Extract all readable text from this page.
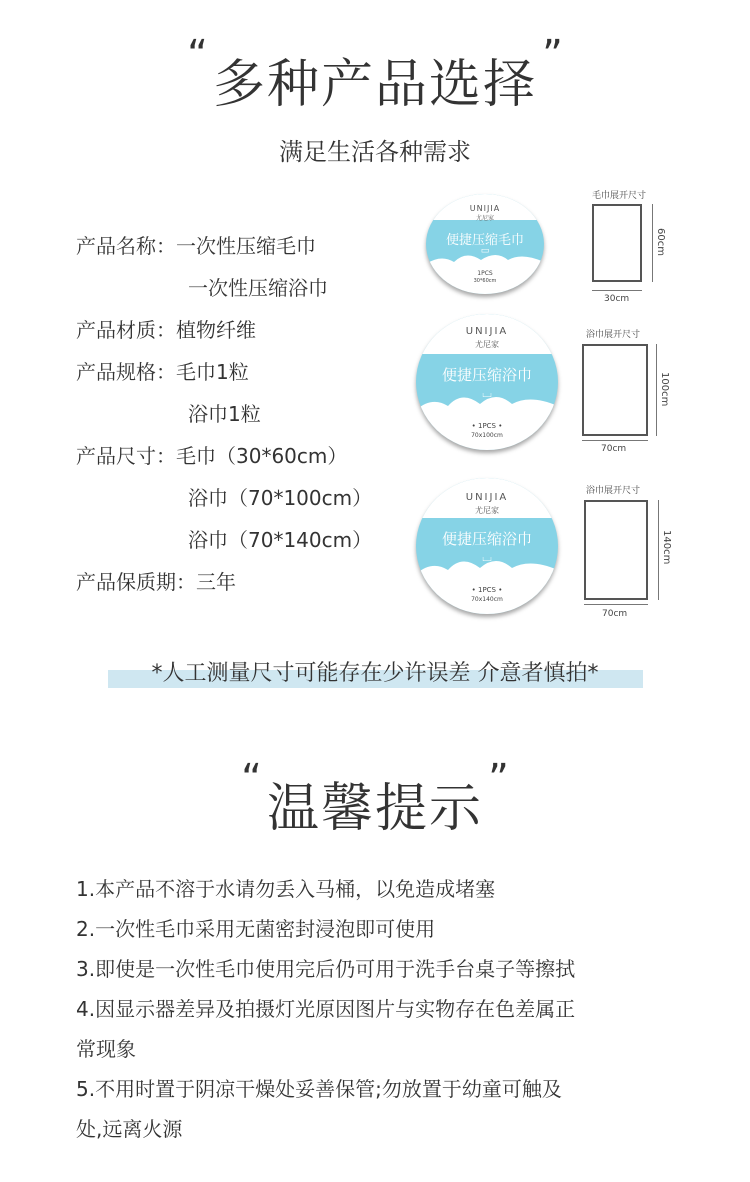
“ 多种产品选择 ”
满足生活各种需求
产品名称：一次性压缩毛巾
一次性压缩浴巾
产品材质：植物纤维
产品规格：毛巾1粒
浴巾1粒
产品尺寸：毛巾（30*60cm）
浴巾（70*100cm）
浴巾（70*140cm）
产品保质期：三年
UNIJIA
尤尼家
便捷压缩毛巾
▭
1PCS
30*60cm
UNIJIA
尤尼家
便捷压缩浴巾
⌴
• 1PCS •
70x100cm
UNIJIA
尤尼家
便捷压缩浴巾
⌴
• 1PCS •
70x140cm
毛巾展开尺寸
60cm
30cm
浴巾展开尺寸
100cm
70cm
浴巾展开尺寸
140cm
70cm
*人工测量尺寸可能存在少许误差 介意者慎拍*
“ 温馨提示 ”
1.本产品不溶于水请勿丢入马桶，以免造成堵塞
2.一次性毛巾采用无菌密封浸泡即可使用
3.即使是一次性毛巾使用完后仍可用于洗手台桌子等擦拭
4.因显示器差异及拍摄灯光原因图片与实物存在色差属正
常现象
5.不用时置于阴凉干燥处妥善保管;勿放置于幼童可触及
处,远离火源
